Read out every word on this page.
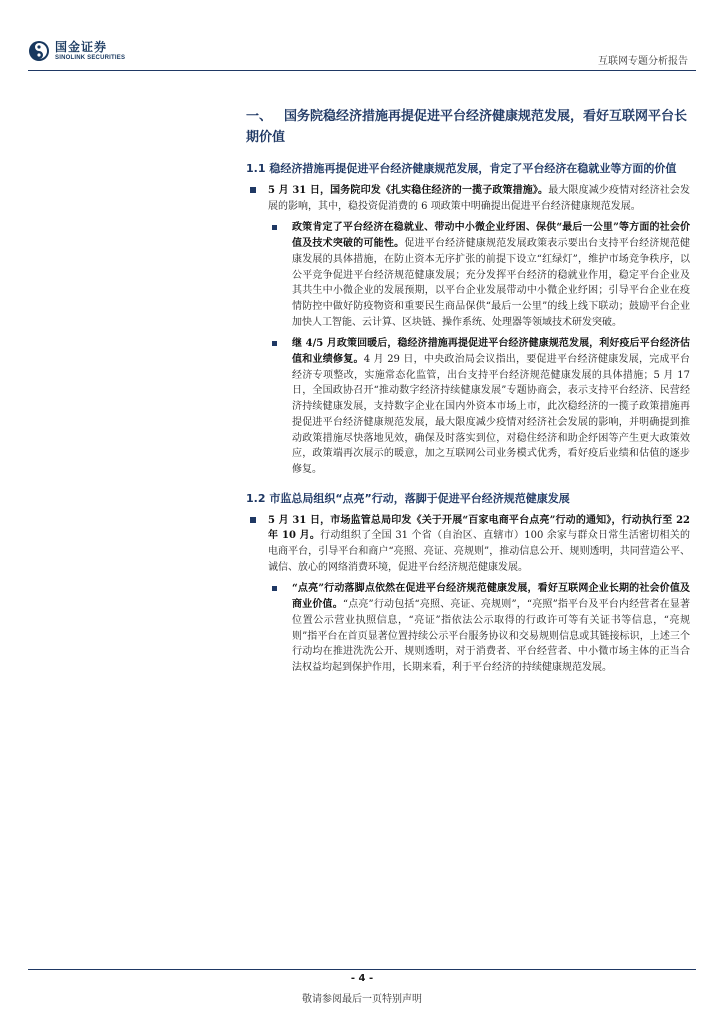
国金证券
SINOLINK SECURITIES	互联网专题分析报告
一、 国务院稳经济措施再提促进平台经济健康规范发展，看好互联网平台长期价值
1.1 稳经济措施再提促进平台经济健康规范发展，肯定了平台经济在稳就业等方面的价值
5 月 31 日，国务院印发《扎实稳住经济的一揽子政策措施》。最大限度减少疫情对经济社会发展的影响，其中，稳投资促消费的 6 项政策中明确提出促进平台经济健康规范发展。
政策肯定了平台经济在稳就业、带动中小微企业纾困、保供“最后一公里”等方面的社会价值及技术突破的可能性。促进平台经济健康规范发展政策表示要出台支持平台经济规范健康发展的具体措施，在防止资本无序扩张的前提下设立“红绿灯”，维护市场竞争秩序，以公平竞争促进平台经济规范健康发展；充分发挥平台经济的稳就业作用，稳定平台企业及其共生中小微企业的发展预期，以平台企业发展带动中小微企业纾困；引导平台企业在疫情防控中做好防疫物资和重要民生商品保供“最后一公里”的线上线下联动；鼓励平台企业加快人工智能、云计算、区块链、操作系统、处理器等领域技术研发突破。
继 4/5 月政策回暖后，稳经济措施再提促进平台经济健康规范发展，利好疫后平台经济估值和业绩修复。4 月 29 日，中央政治局会议指出，要促进平台经济健康发展，完成平台经济专项整改，实施常态化监管，出台支持平台经济规范健康发展的具体措施；5 月 17 日，全国政协召开“推动数字经济持续健康发展”专题协商会，表示支持平台经济、民营经济持续健康发展，支持数字企业在国内外资本市场上市，此次稳经济的一揽子政策措施再提促进平台经济健康规范发展，最大限度减少疫情对经济社会发展的影响，并明确提到推动政策措施尽快落地见效，确保及时落实到位，对稳住经济和助企纾困等产生更大政策效应，政策端再次展示的暖意，加之互联网公司业务模式优秀，看好疫后业绩和估值的逐步修复。
1.2 市监总局组织“点亮”行动，落脚于促进平台经济规范健康发展
5 月 31 日，市场监管总局印发《关于开展“百家电商平台点亮”行动的通知》，行动执行至 22 年 10 月。行动组织了全国 31 个省（自治区、直辖市）100 余家与群众日常生活密切相关的电商平台，引导平台和商户“亮照、亮证、亮规则”，推动信息公开、规则透明，共同营造公平、诚信、放心的网络消费环境，促进平台经济规范健康发展。
“点亮”行动落脚点依然在促进平台经济规范健康发展，看好互联网企业长期的社会价值及商业价值。“点亮”行动包括“亮照、亮证、亮规则”，“亮照”指平台及平台内经营者在显著位置公示营业执照信息，“亮证”指依法公示取得的行政许可等有关证书等信息，“亮规则”指平台在首页显著位置持续公示平台服务协议和交易规则信息或其链接标识，上述三个行动均在推进洗洗公开、规则透明，对于消费者、平台经营者、中小微市场主体的正当合法权益均起到保护作用，长期来看，利于平台经济的持续健康规范发展。
- 4 -
敬请参阅最后一页特别声明
